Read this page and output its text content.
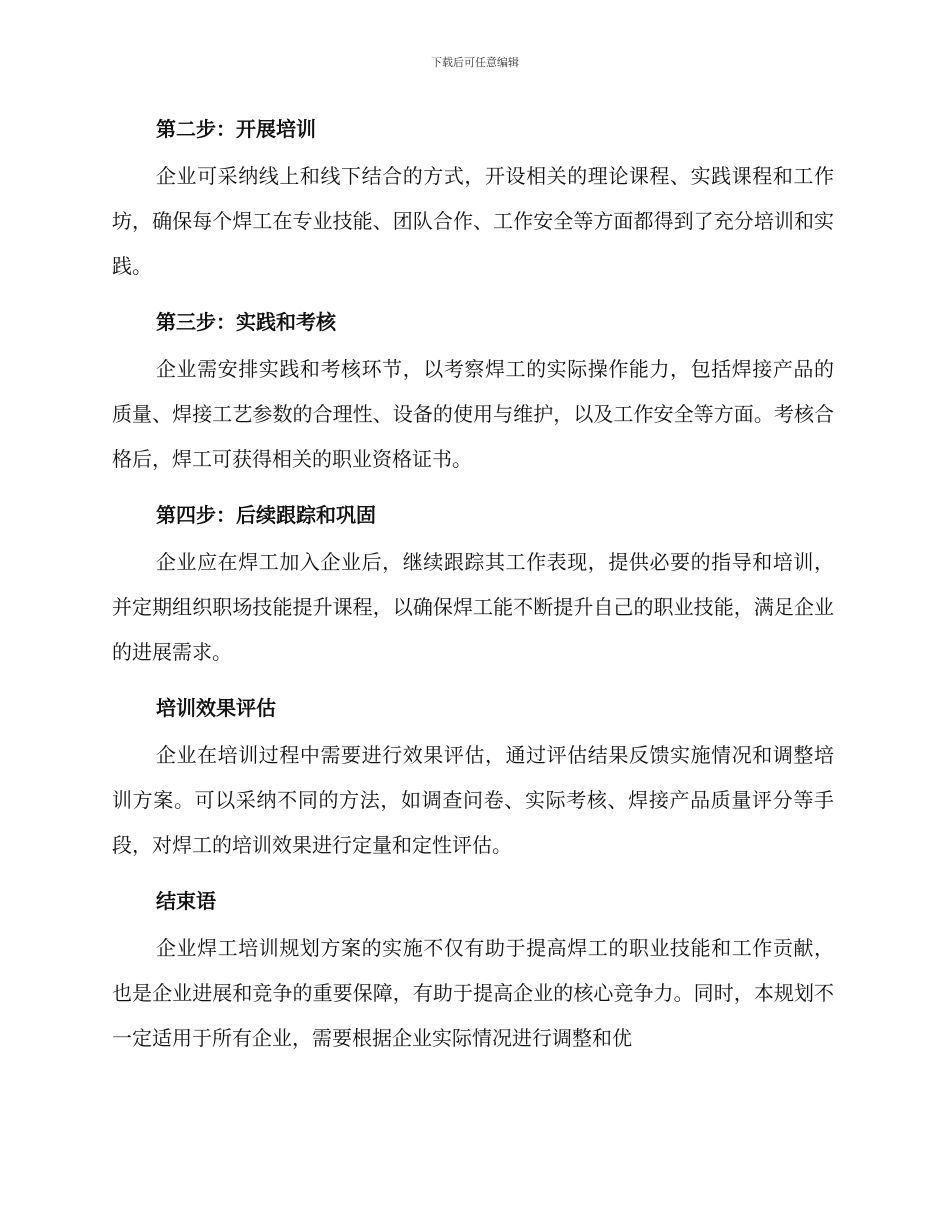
下载后可任意编辑
第二步：开展培训
企业可采纳线上和线下结合的方式，开设相关的理论课程、实践课程和工作坊，确保每个焊工在专业技能、团队合作、工作安全等方面都得到了充分培训和实践。
第三步：实践和考核
企业需安排实践和考核环节，以考察焊工的实际操作能力，包括焊接产品的质量、焊接工艺参数的合理性、设备的使用与维护，以及工作安全等方面。考核合格后，焊工可获得相关的职业资格证书。
第四步：后续跟踪和巩固
企业应在焊工加入企业后，继续跟踪其工作表现，提供必要的指导和培训，并定期组织职场技能提升课程，以确保焊工能不断提升自己的职业技能，满足企业的进展需求。
培训效果评估
企业在培训过程中需要进行效果评估，通过评估结果反馈实施情况和调整培训方案。可以采纳不同的方法，如调查问卷、实际考核、焊接产品质量评分等手段，对焊工的培训效果进行定量和定性评估。
结束语
企业焊工培训规划方案的实施不仅有助于提高焊工的职业技能和工作贡献，也是企业进展和竞争的重要保障，有助于提高企业的核心竞争力。同时，本规划不一定适用于所有企业，需要根据企业实际情况进行调整和优
